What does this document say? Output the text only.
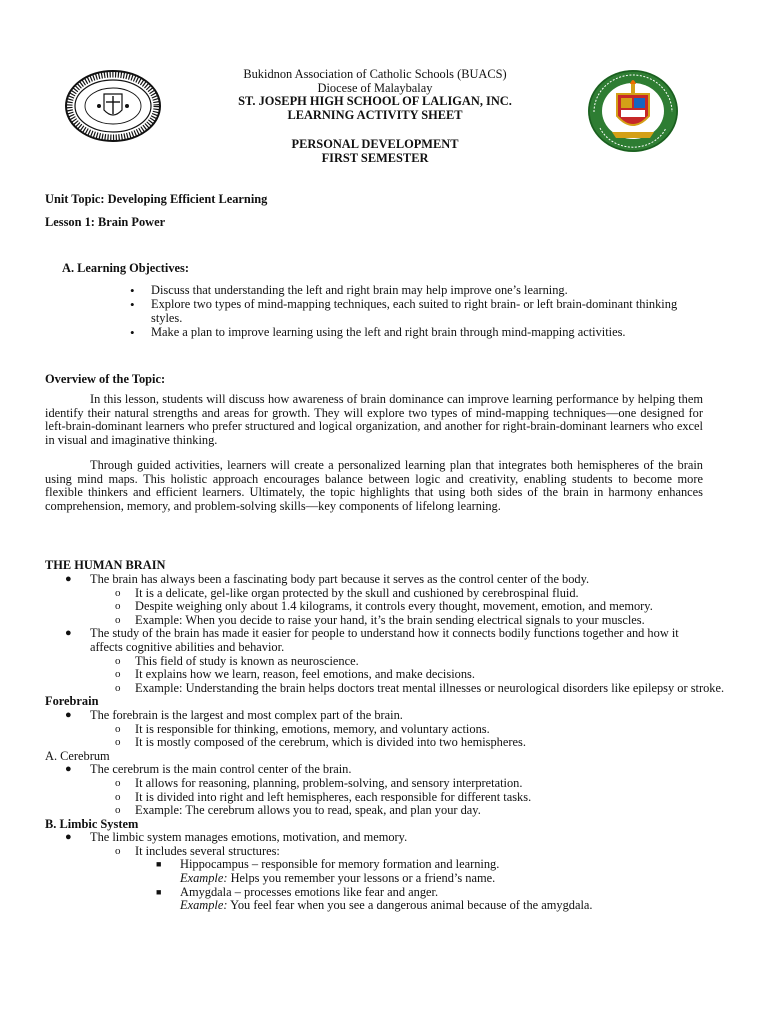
Bukidnon Association of Catholic Schools (BUACS)
Diocese of Malaybalay
ST. JOSEPH HIGH SCHOOL OF LALIGAN, INC.
LEARNING ACTIVITY SHEET
PERSONAL DEVELOPMENT
FIRST SEMESTER
Unit Topic: Developing Efficient Learning
Lesson 1: Brain Power
A. Learning Objectives:
• Discuss that understanding the left and right brain may help improve one’s learning.
• Explore two types of mind-mapping techniques, each suited to right brain- or left brain-dominant thinking styles.
• Make a plan to improve learning using the left and right brain through mind-mapping activities.
Overview of the Topic:
In this lesson, students will discuss how awareness of brain dominance can improve learning performance by helping them identify their natural strengths and areas for growth. They will explore two types of mind-mapping techniques—one designed for left-brain-dominant learners who prefer structured and logical organization, and another for right-brain-dominant learners who excel in visual and imaginative thinking.
Through guided activities, learners will create a personalized learning plan that integrates both hemispheres of the brain using mind maps. This holistic approach encourages balance between logic and creativity, enabling students to become more flexible thinkers and efficient learners. Ultimately, the topic highlights that using both sides of the brain in harmony enhances comprehension, memory, and problem-solving skills—key components of lifelong learning.
THE HUMAN BRAIN
● The brain has always been a fascinating body part because it serves as the control center of the body.
o It is a delicate, gel-like organ protected by the skull and cushioned by cerebrospinal fluid.
o Despite weighing only about 1.4 kilograms, it controls every thought, movement, emotion, and memory.
o Example: When you decide to raise your hand, it’s the brain sending electrical signals to your muscles.
● The study of the brain has made it easier for people to understand how it connects bodily functions together and how it affects cognitive abilities and behavior.
o This field of study is known as neuroscience.
o It explains how we learn, reason, feel emotions, and make decisions.
o Example: Understanding the brain helps doctors treat mental illnesses or neurological disorders like epilepsy or stroke.
Forebrain
● The forebrain is the largest and most complex part of the brain.
o It is responsible for thinking, emotions, memory, and voluntary actions.
o It is mostly composed of the cerebrum, which is divided into two hemispheres.
A. Cerebrum
● The cerebrum is the main control center of the brain.
o It allows for reasoning, planning, problem-solving, and sensory interpretation.
o It is divided into right and left hemispheres, each responsible for different tasks.
o Example: The cerebrum allows you to read, speak, and plan your day.
B. Limbic System
● The limbic system manages emotions, motivation, and memory.
o It includes several structures:
■ Hippocampus – responsible for memory formation and learning.
Example: Helps you remember your lessons or a friend’s name.
■ Amygdala – processes emotions like fear and anger.
Example: You feel fear when you see a dangerous animal because of the amygdala.
